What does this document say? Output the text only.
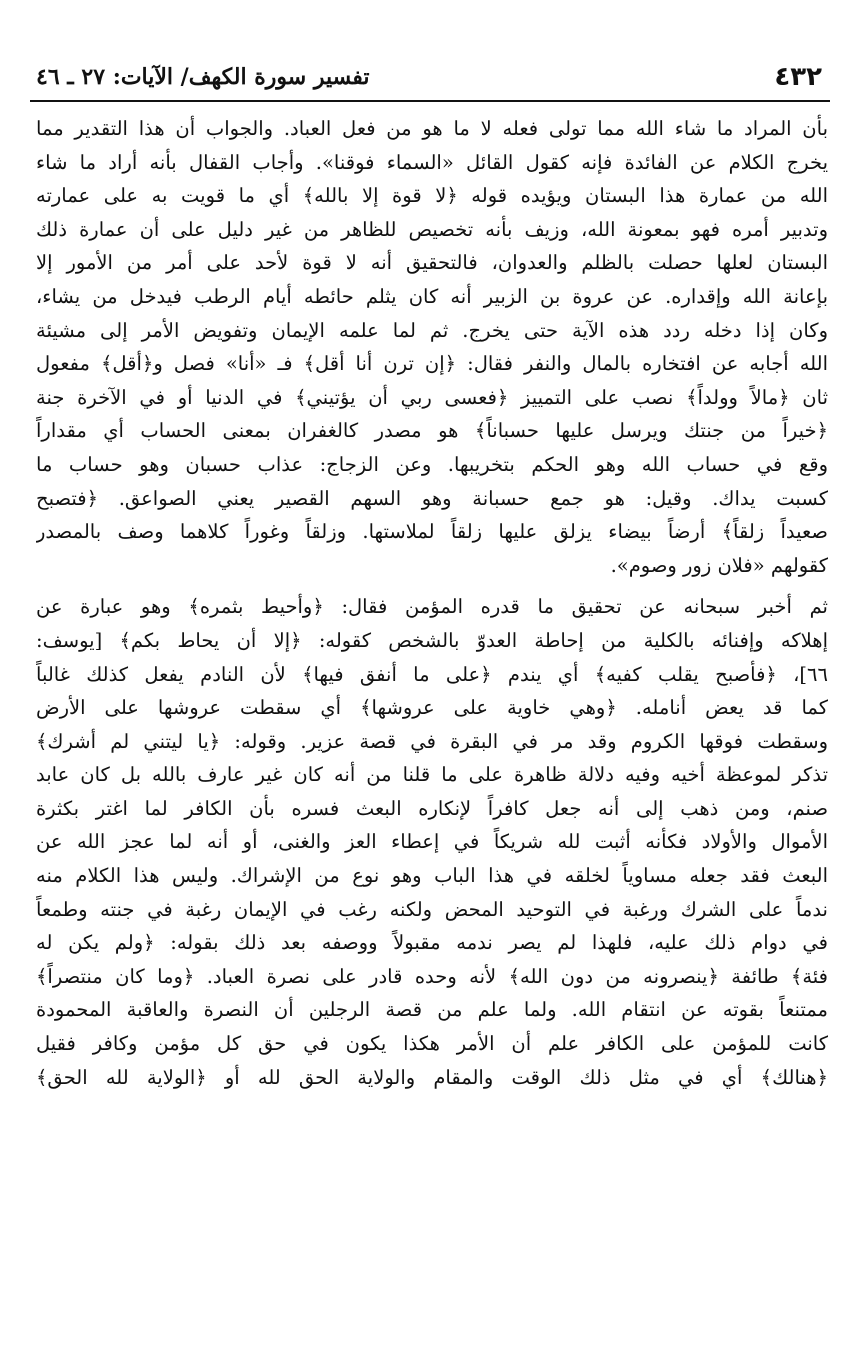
٤٣٢
تفسير سورة الكهف/ الآيات: ٢٧ ـ ٤٦
بأن المراد ما شاء الله مما تولى فعله لا ما هو من فعل العباد. والجواب أن هذا التقدير مما
يخرج الكلام عن الفائدة فإنه كقول القائل «السماء فوقنا». وأجاب القفال بأنه أراد ما شاء
الله من عمارة هذا البستان ويؤيده قوله ﴿لا قوة إلا بالله﴾ أي ما قويت به على عمارته
وتدبير أمره فهو بمعونة الله، وزيف بأنه تخصيص للظاهر من غير دليل على أن عمارة ذلك
البستان لعلها حصلت بالظلم والعدوان، فالتحقيق أنه لا قوة لأحد على أمر من الأمور إلا
بإعانة الله وإقداره. عن عروة بن الزبير أنه كان يثلم حائطه أيام الرطب فيدخل من يشاء،
وكان إذا دخله ردد هذه الآية حتى يخرج. ثم لما علمه الإيمان وتفويض الأمر إلى مشيئة
الله أجابه عن افتخاره بالمال والنفر فقال: ﴿إن ترن أنا أقل﴾ فـ «أنا» فصل و﴿أقل﴾ مفعول
ثان ﴿مالاً وولداً﴾ نصب على التمييز ﴿فعسى ربي أن يؤتيني﴾ في الدنيا أو في الآخرة جنة
﴿خيراً من جنتك ويرسل عليها حسباناً﴾ هو مصدر كالغفران بمعنى الحساب أي مقداراً
وقع في حساب الله وهو الحكم بتخريبها. وعن الزجاج: عذاب حسبان وهو حساب ما
كسبت يداك. وقيل: هو جمع حسبانة وهو السهم القصير يعني الصواعق. ﴿فتصبح
صعيداً زلقاً﴾ أرضاً بيضاء يزلق عليها زلقاً لملاستها. وزلقاً وغوراً كلاهما وصف بالمصدر
كقولهم «فلان زور وصوم».
ثم أخبر سبحانه عن تحقيق ما قدره المؤمن فقال: ﴿وأحيط بثمره﴾ وهو عبارة عن
إهلاكه وإفنائه بالكلية من إحاطة العدوّ بالشخص كقوله: ﴿إلا أن يحاط بكم﴾ [يوسف:
٦٦]، ﴿فأصبح يقلب كفيه﴾ أي يندم ﴿على ما أنفق فيها﴾ لأن النادم يفعل كذلك غالباً
كما قد يعض أنامله. ﴿وهي خاوية على عروشها﴾ أي سقطت عروشها على الأرض
وسقطت فوقها الكروم وقد مر في البقرة في قصة عزير. وقوله: ﴿يا ليتني لم أشرك﴾
تذكر لموعظة أخيه وفيه دلالة ظاهرة على ما قلنا من أنه كان غير عارف بالله بل كان عابد
صنم، ومن ذهب إلى أنه جعل كافراً لإنكاره البعث فسره بأن الكافر لما اغتر بكثرة
الأموال والأولاد فكأنه أثبت لله شريكاً في إعطاء العز والغنى، أو أنه لما عجز الله عن
البعث فقد جعله مساوياً لخلقه في هذا الباب وهو نوع من الإشراك. وليس هذا الكلام منه
ندماً على الشرك ورغبة في التوحيد المحض ولكنه رغب في الإيمان رغبة في جنته وطمعاً
في دوام ذلك عليه، فلهذا لم يصر ندمه مقبولاً ووصفه بعد ذلك بقوله: ﴿ولم يكن له
فئة﴾ طائفة ﴿ينصرونه من دون الله﴾ لأنه وحده قادر على نصرة العباد. ﴿وما كان منتصراً﴾
ممتنعاً بقوته عن انتقام الله. ولما علم من قصة الرجلين أن النصرة والعاقبة المحمودة
كانت للمؤمن على الكافر علم أن الأمر هكذا يكون في حق كل مؤمن وكافر فقيل
﴿هنالك﴾ أي في مثل ذلك الوقت والمقام والولاية الحق لله أو ﴿الولاية لله الحق﴾
